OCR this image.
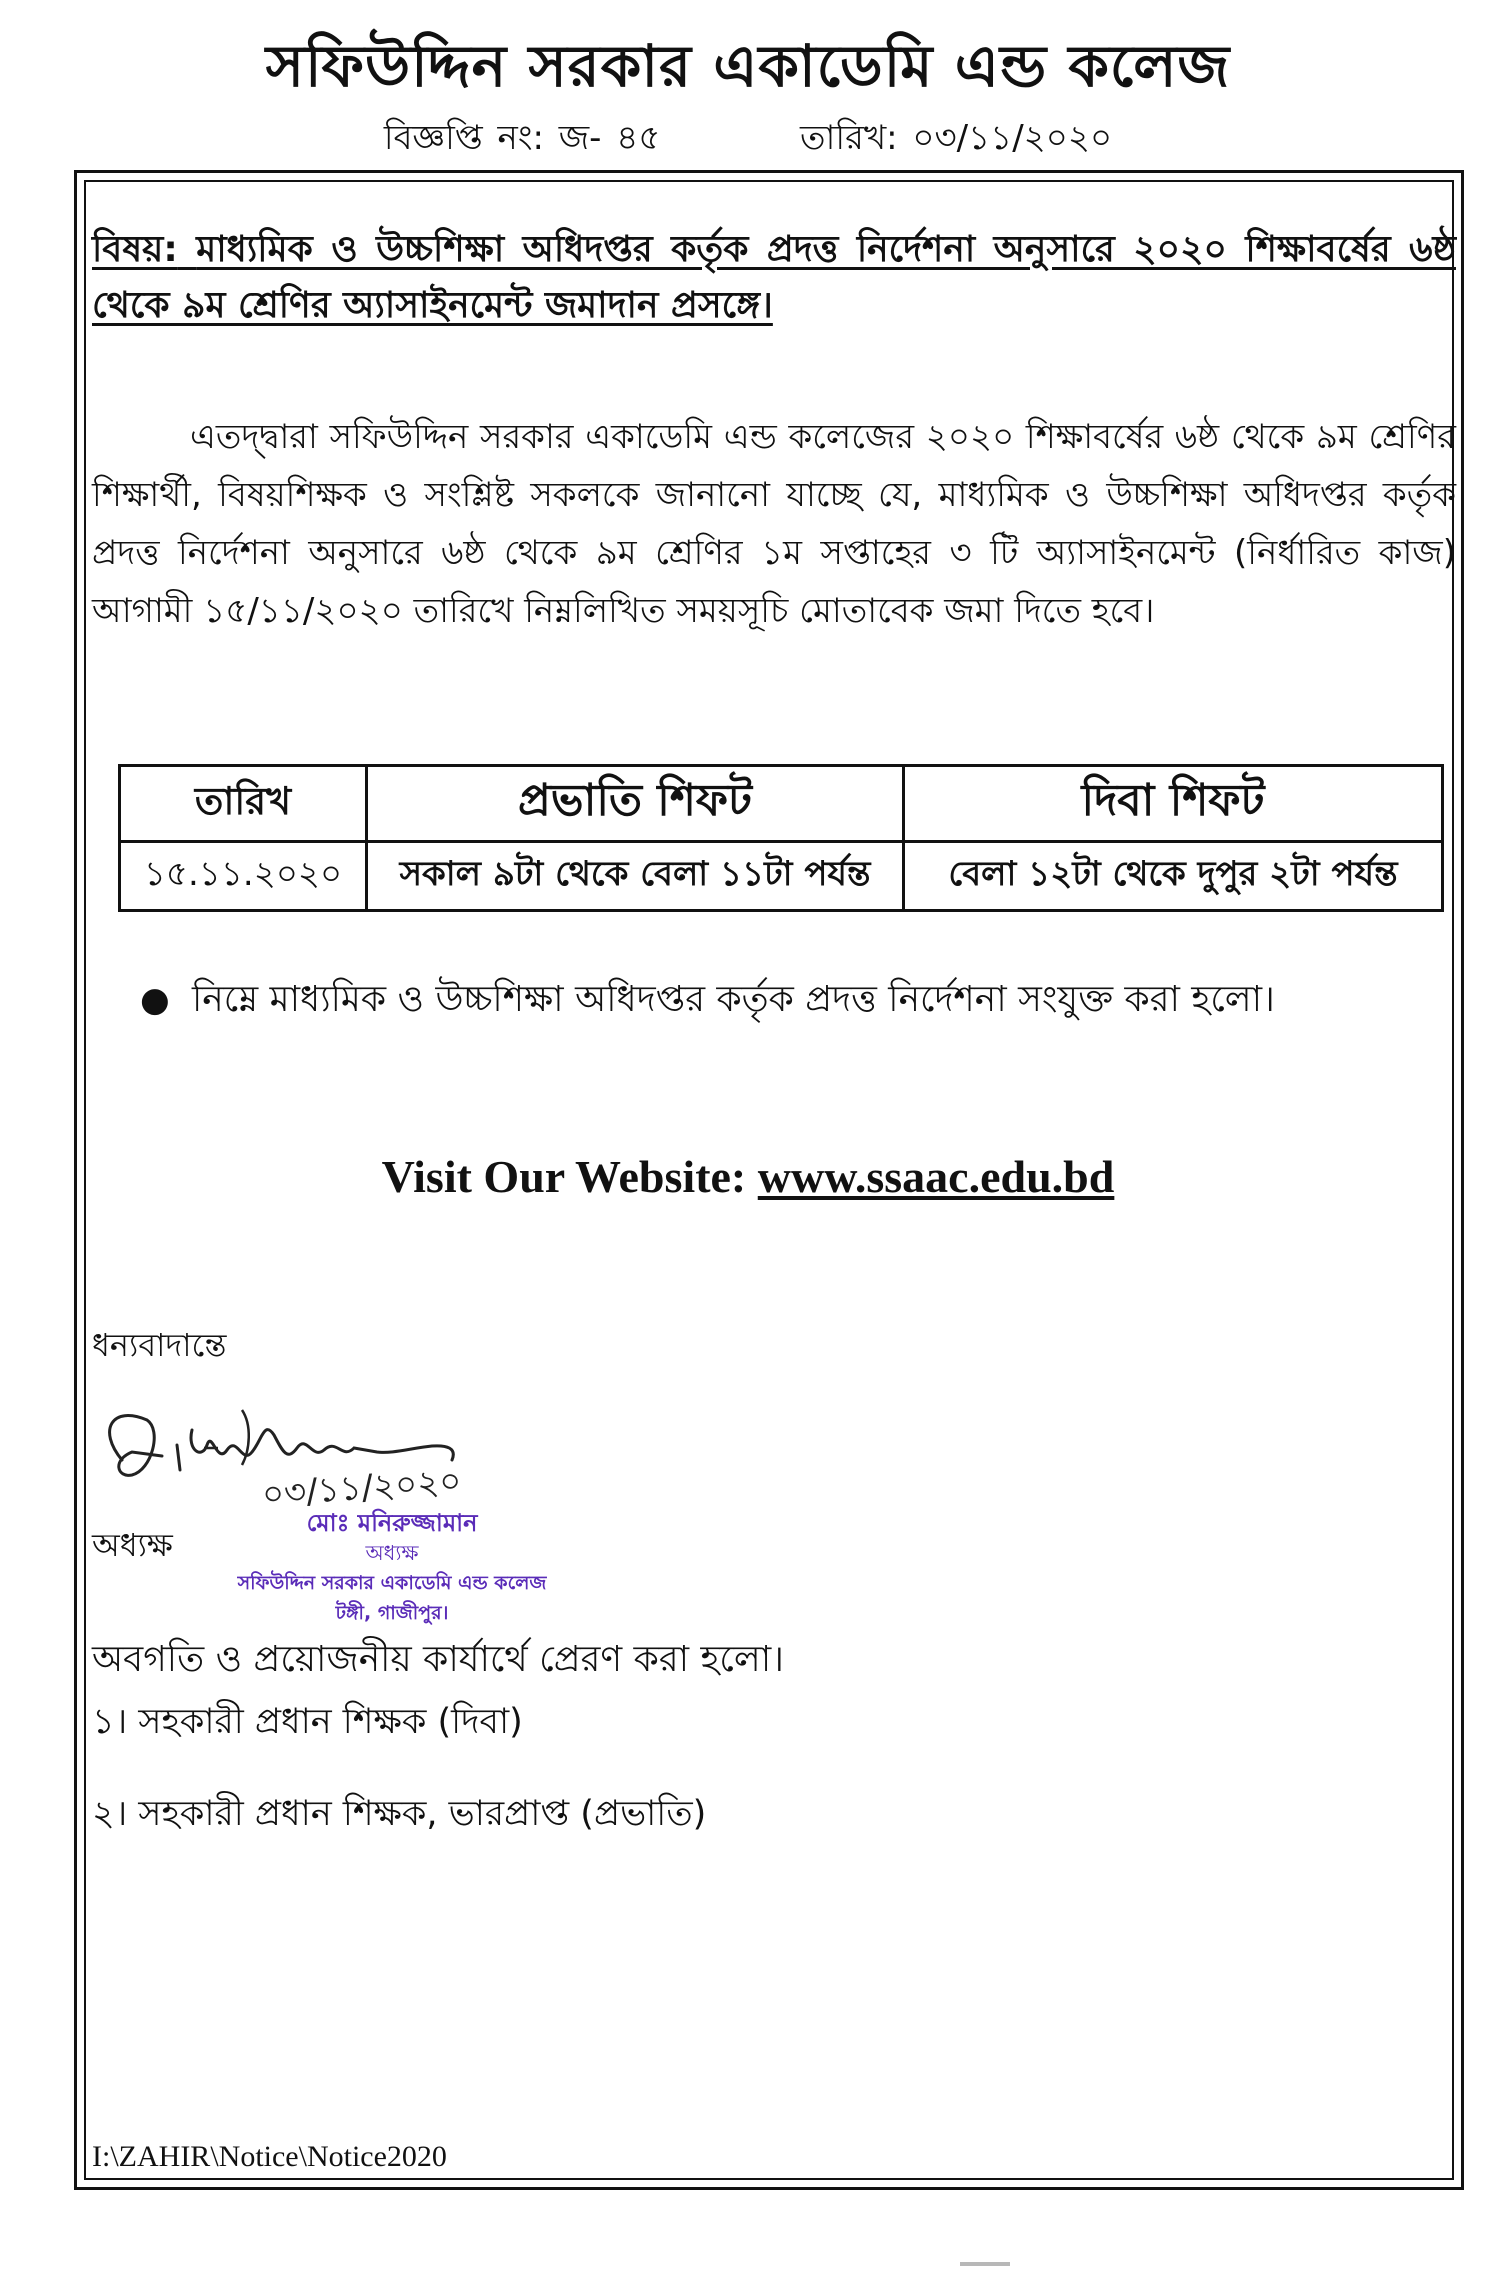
সফিউদ্দিন সরকার একাডেমি এন্ড কলেজ
বিজ্ঞপ্তি নং: জ- ৪৫	তারিখ: ০৩/১১/২০২০
বিষয়: মাধ্যমিক ও উচ্চশিক্ষা অধিদপ্তর কর্তৃক প্রদত্ত নির্দেশনা অনুসারে ২০২০ শিক্ষাবর্ষের ৬ষ্ঠ থেকে ৯ম শ্রেণির অ্যাসাইনমেন্ট জমাদান প্রসঙ্গে।
এতদ্দ্বারা সফিউদ্দিন সরকার একাডেমি এন্ড কলেজের ২০২০ শিক্ষাবর্ষের ৬ষ্ঠ থেকে ৯ম শ্রেণির শিক্ষার্থী, বিষয়শিক্ষক ও সংশ্লিষ্ট সকলকে জানানো যাচ্ছে যে, মাধ্যমিক ও উচ্চশিক্ষা অধিদপ্তর কর্তৃক প্রদত্ত নির্দেশনা অনুসারে ৬ষ্ঠ থেকে ৯ম শ্রেণির ১ম সপ্তাহের ৩ টি অ্যাসাইনমেন্ট (নির্ধারিত কাজ) আগামী ১৫/১১/২০২০ তারিখে নিম্নলিখিত সময়সূচি মোতাবেক জমা দিতে হবে।
তারিখ	প্রভাতি শিফট	দিবা শিফট
১৫.১১.২০২০	সকাল ৯টা থেকে বেলা ১১টা পর্যন্ত	বেলা ১২টা থেকে দুপুর ২টা পর্যন্ত
● নিম্নে মাধ্যমিক ও উচ্চশিক্ষা অধিদপ্তর কর্তৃক প্রদত্ত নির্দেশনা সংযুক্ত করা হলো।
Visit Our Website: www.ssaac.edu.bd
ধন্যবাদান্তে
০৩/১১/২০২০
অধ্যক্ষ
মোঃ মনিরুজ্জামান
অধ্যক্ষ
সফিউদ্দিন সরকার একাডেমি এন্ড কলেজ
টঙ্গী, গাজীপুর।
অবগতি ও প্রয়োজনীয় কার্যার্থে প্রেরণ করা হলো।
১। সহকারী প্রধান শিক্ষক (দিবা)
২। সহকারী প্রধান শিক্ষক, ভারপ্রাপ্ত (প্রভাতি)
I:\ZAHIR\Notice\Notice2020
